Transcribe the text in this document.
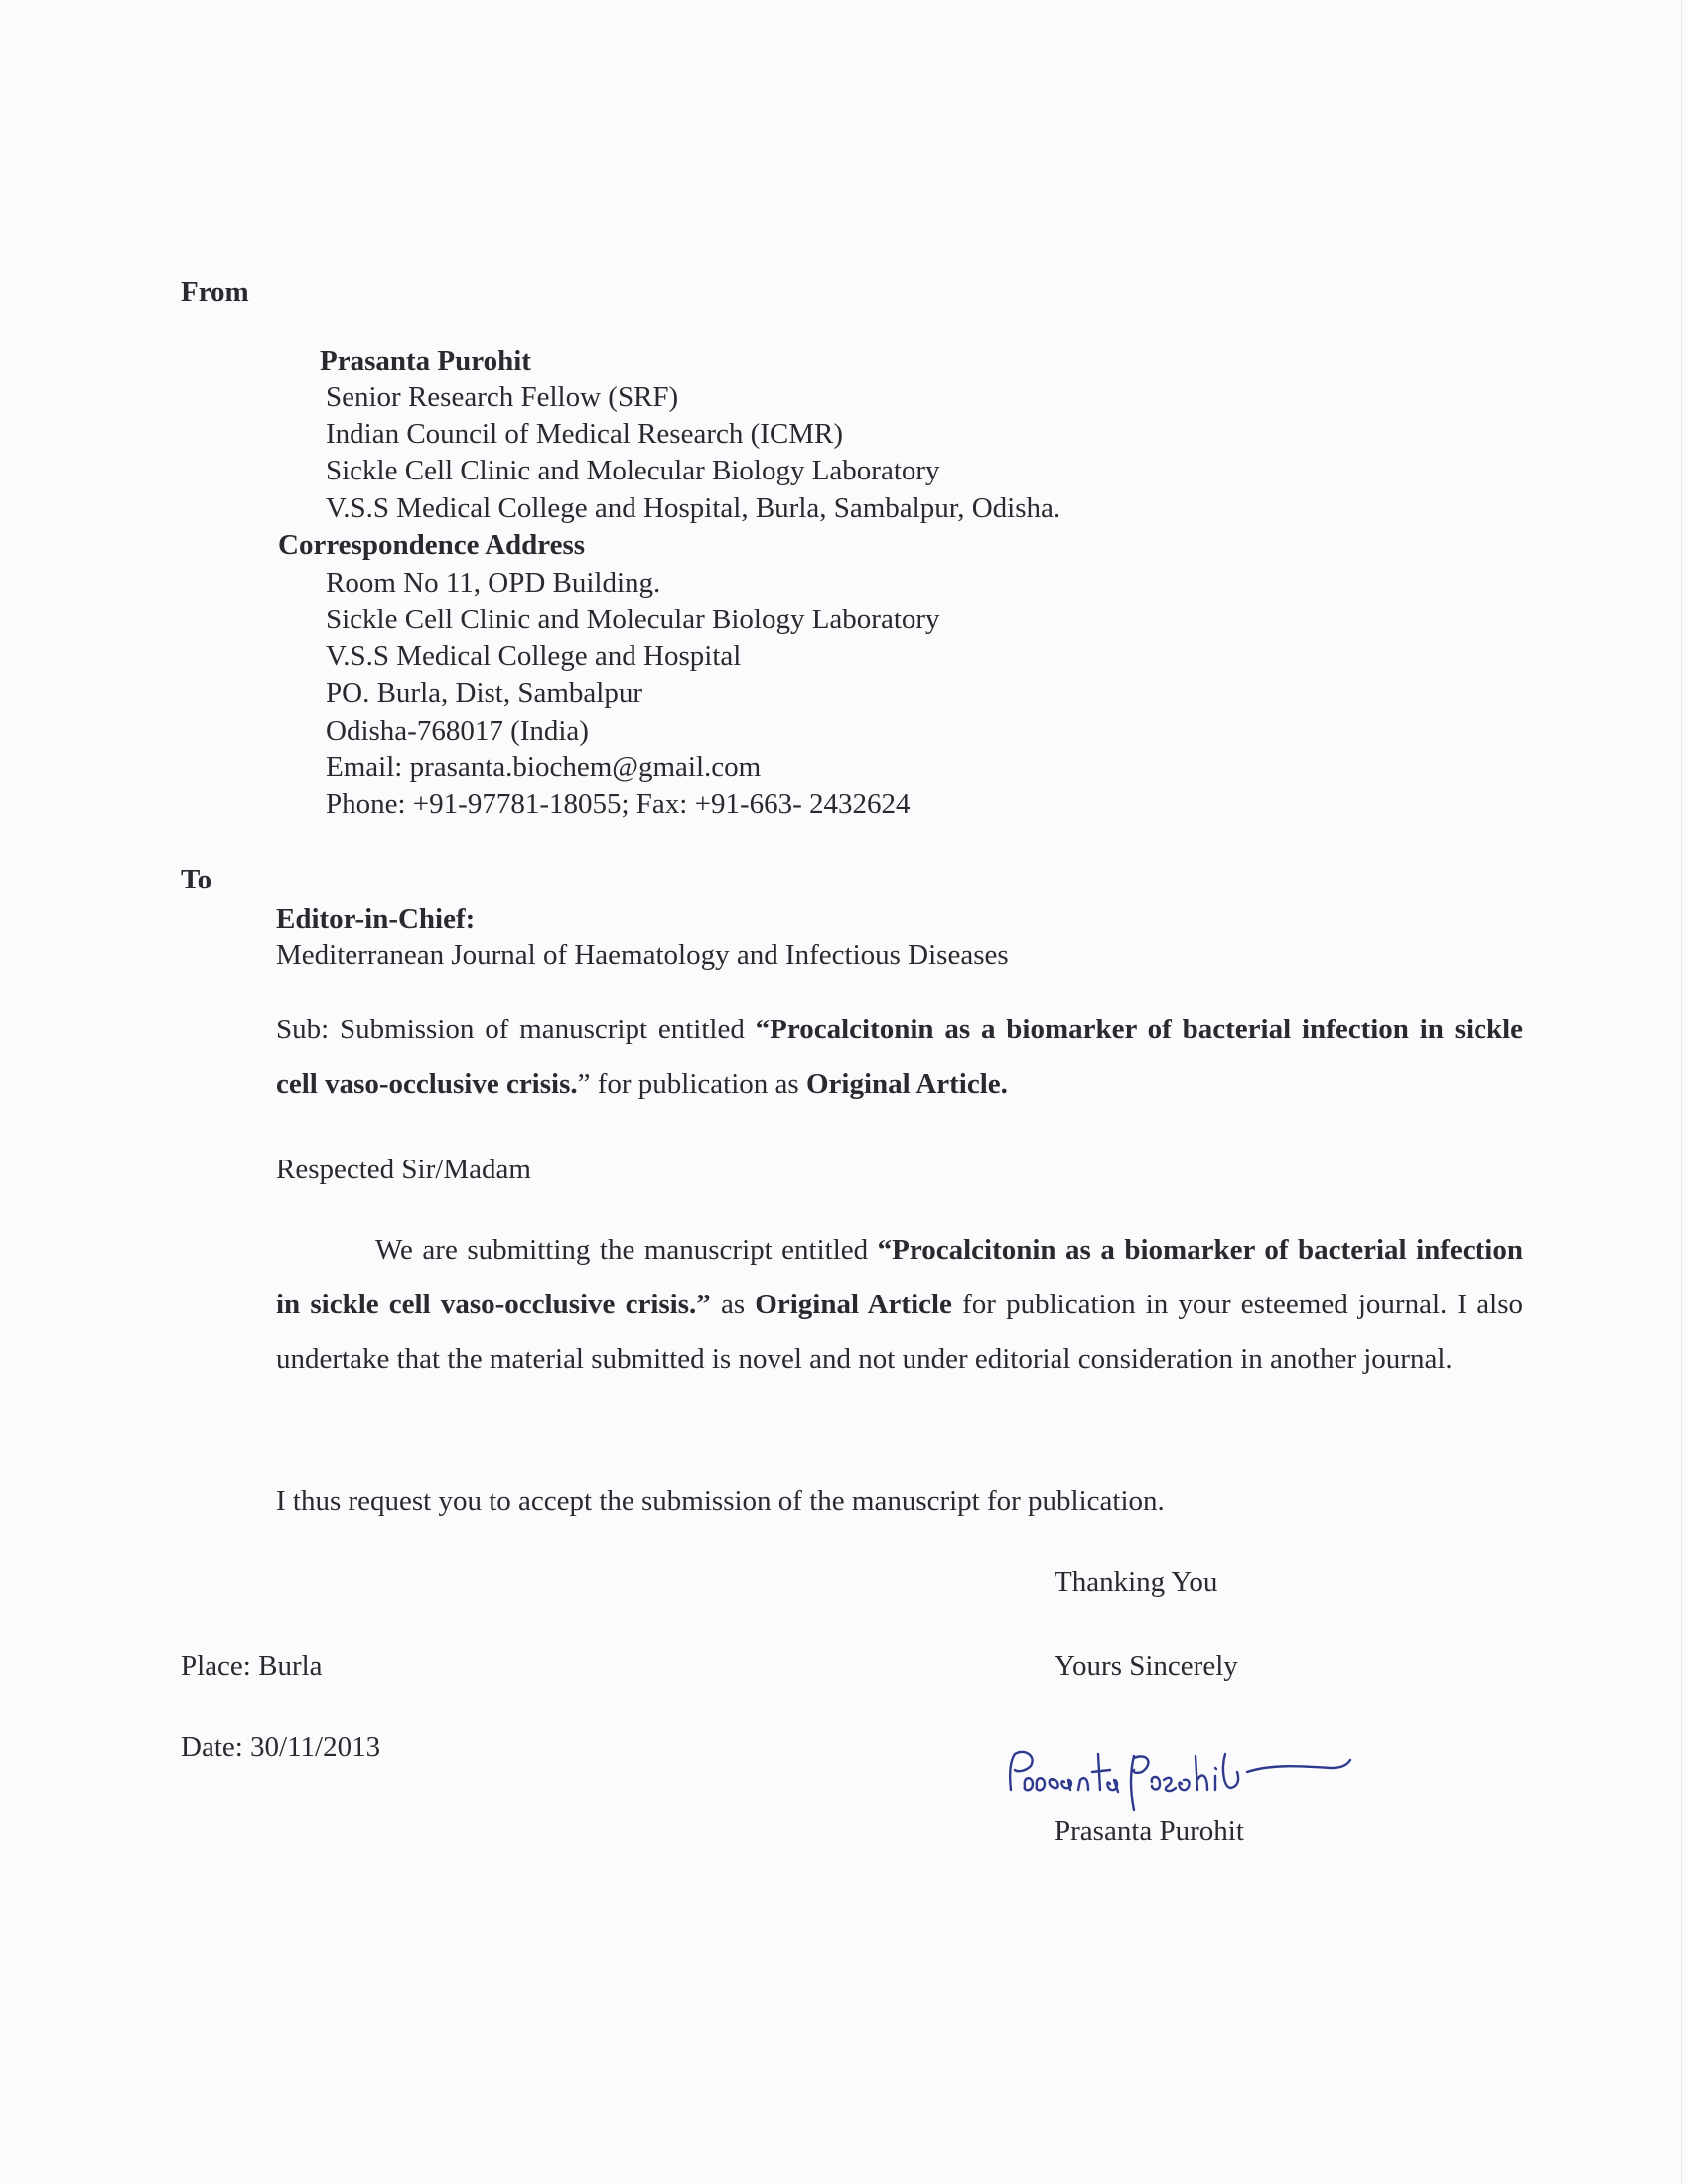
From
Prasanta Purohit
Senior Research Fellow (SRF)
Indian Council of Medical Research (ICMR)
Sickle Cell Clinic and Molecular Biology Laboratory
V.S.S Medical College and Hospital, Burla, Sambalpur, Odisha.
Correspondence Address
Room No 11, OPD Building.
Sickle Cell Clinic and Molecular Biology Laboratory
V.S.S Medical College and Hospital
PO. Burla, Dist, Sambalpur
Odisha-768017 (India)
Email: prasanta.biochem@gmail.com
Phone: +91-97781-18055; Fax: +91-663- 2432624
To
Editor-in-Chief:
Mediterranean Journal of Haematology and Infectious Diseases
Sub: Submission of manuscript entitled “Procalcitonin as a biomarker of bacterial infection in sickle cell vaso-occlusive crisis.” for publication as Original Article.
Respected Sir/Madam
We are submitting the manuscript entitled “Procalcitonin as a biomarker of bacterial infection in sickle cell vaso-occlusive crisis.” as Original Article for publication in your esteemed journal. I also undertake that the material submitted is novel and not under editorial consideration in another journal.
I thus request you to accept the submission of the manuscript for publication.
Thanking You
Place: Burla	Yours Sincerely
Date: 30/11/2013
Prasanta Purohit
